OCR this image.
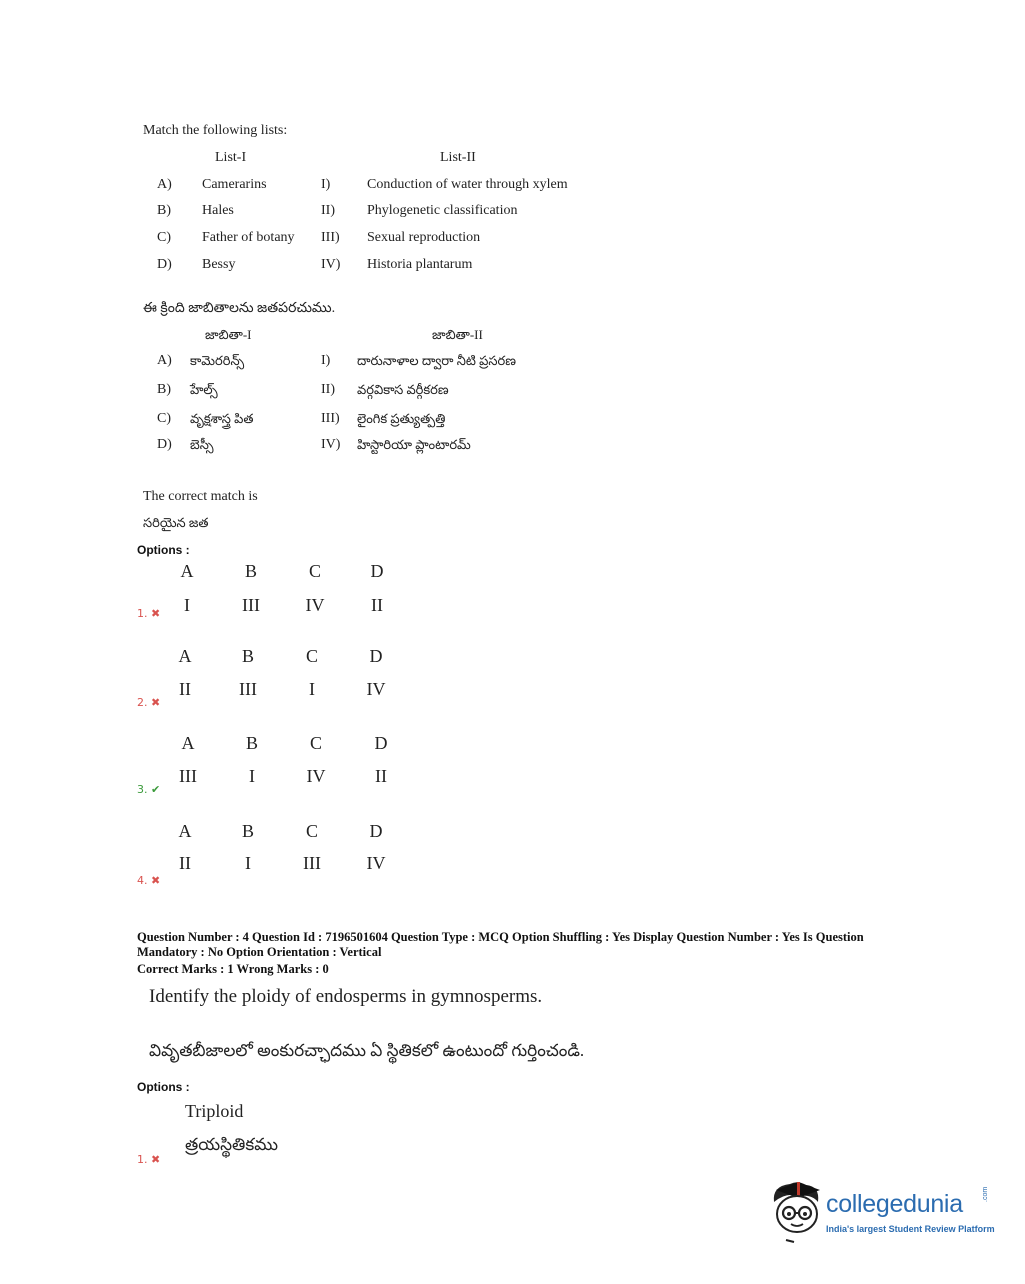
Match the following lists:
List-I	List-II
A) Camerarins	I)	Conduction of water through xylem
B) Hales	II) Phylogenetic classification
C) Father of botany III) Sexual reproduction
D) Bessy	IV) Historia plantarum
ఈ క్రింది జాబితాలను జతపరచుము.
జాబితా-I	జాబితా-II
A) కామెరరిన్స్	I) దారునాళాల ద్వారా నీటి ప్రసరణ
B) హేల్స్	II) వర్గవికాస వర్గీకరణ
C) వృక్షశాస్త్ర పిత	III) లైంగిక ప్రత్యుత్పత్తి
D) బెస్సీ	IV) హిస్టారియా ప్లాంటారమ్
The correct match is
సరియైన జత
Options :
A	B	C	D
I	III	IV	II
1. ✖
A	B	C	D
II	III	I	IV
2. ✖
A	B	C	D
III	I	IV	II
3. ✔
A	B	C	D
II	I	III	IV
4. ✖
Question Number : 4 Question Id : 7196501604 Question Type : MCQ Option Shuffling : Yes Display Question Number : Yes Is Question
Mandatory : No Option Orientation : Vertical
Correct Marks : 1 Wrong Marks : 0
Identify the ploidy of endosperms in gymnosperms.
వివృతబీజాలలో అంకురచ్ఛాదము ఏ స్థితికలో ఉంటుందో గుర్తించండి.
Options :
Triploid
త్రయస్థితికము
1. ✖
collegedunia	.com
India's largest Student Review Platform
